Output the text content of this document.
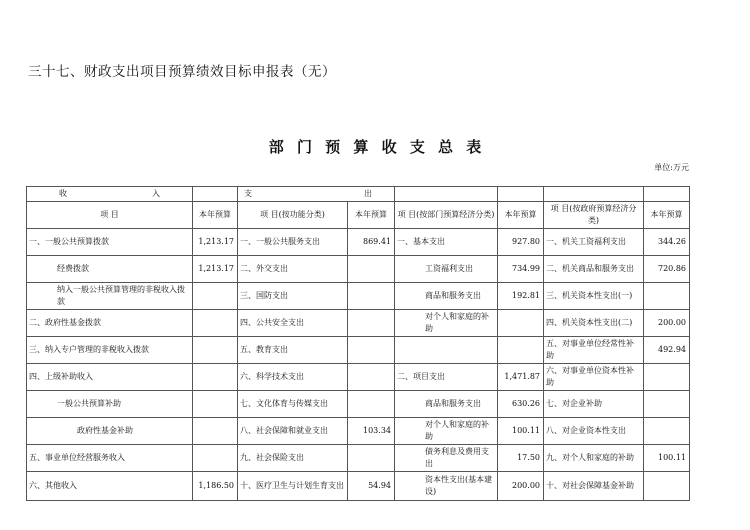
三十七、财政支出项目预算绩效目标申报表（无）
部 门 预 算 收 支 总 表
单位:万元
收 入		支 出					

项 目	本年预算	项 目(按功能分类)	本年预算	项 目(按部门预算经济分类)	本年预算	项 目(按政府预算经济分类)	本年预算
一、一般公共预算拨款	1,213.17	一、一般公共服务支出	869.41	一、基本支出	927.80	一、机关工资福利支出	344.26
经费拨款	1,213.17	二、外交支出		工资福利支出	734.99	二、机关商品和服务支出	720.86
纳入一般公共预算管理的非税收入拨款		三、国防支出		商品和服务支出	192.81	三、机关资本性支出(一)	
二、政府性基金拨款		四、公共安全支出		对个人和家庭的补助		四、机关资本性支出(二)	200.00
三、纳入专户管理的非税收入拨款		五、教育支出				五、对事业单位经常性补助	492.94
四、上级补助收入		六、科学技术支出		二、项目支出	1,471.87	六、对事业单位资本性补助	
一般公共预算补助		七、文化体育与传媒支出		商品和服务支出	630.26	七、对企业补助	
政府性基金补助		八、社会保障和就业支出	103.34	对个人和家庭的补助	100.11	八、对企业资本性支出	
五、事业单位经营服务收入		九、社会保险支出		债务利息及费用支出	17.50	九、对个人和家庭的补助	100.11
六、其他收入	1,186.50	十、医疗卫生与计划生育支出	54.94	资本性支出(基本建设)	200.00	十、对社会保障基金补助	
